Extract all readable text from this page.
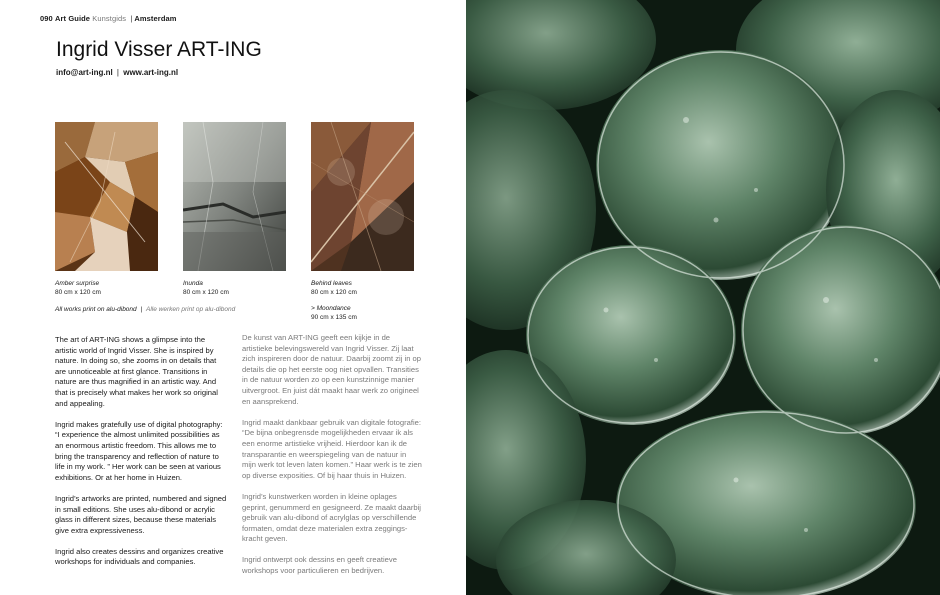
090 Art Guide Kunstgids | Amsterdam
Ingrid Visser ART-ING
info@art-ing.nl | www.art-ing.nl
Amber surprise
80 cm x 120 cm
Inunda
80 cm x 120 cm
Behind leaves
80 cm x 120 cm
> Moondance
90 cm x 135 cm
All works print on alu-dibond | Alle werken print op alu-dibond

The art of ART-ING shows a glimpse into the artistic world of Ingrid Visser. She is inspired by nature. In doing so, she zooms in on details that are unnoticeable at first glance. Transitions in nature are thus magnified in an artistic way. And that is precisely what makes her work so original and appealing.

Ingrid makes gratefully use of digital photography: “I experience the almost unlimited possibilities as an enormous artistic freedom. This allows me to bring the transparency and reflection of nature to life in my work. ” Her work can be seen at various exhibitions. Or at her home in Huizen.

Ingrid’s artworks are printed, numbered and signed in small editions. She uses alu-dibond or acrylic glass in different sizes, because these materials give extra expressiveness.

Ingrid also creates dessins and organizes creative workshops for individuals and companies.

De kunst van ART-ING geeft een kijkje in de artistieke belevingswereld van Ingrid Visser. Zij laat zich inspireren door de natuur. Daarbij zoomt zij in op details die op het eerste oog niet opvallen. Transities in de natuur worden zo op een kunstzinnige manier uitvergroot. En juist dát maakt haar werk zo origineel en aansprekend.

Ingrid maakt dankbaar gebruik van digitale fotografie: “De bijna onbegrensde mogelijkheden ervaar ik als een enorme artistieke vrijheid. Hierdoor kan ik de transparantie en weerspiegeling van de natuur in mijn werk tot leven laten komen.” Haar werk is te zien op diverse exposities. Of bij haar thuis in Huizen.

Ingrid’s kunstwerken worden in kleine oplages geprint, genummerd en gesigneerd. Ze maakt daarbij gebruik van alu-dibond of acrylglas op verschillende formaten, omdat deze materialen extra zeggings-kracht geven.

Ingrid ontwerpt ook dessins en geeft creatieve workshops voor particulieren en bedrijven.
